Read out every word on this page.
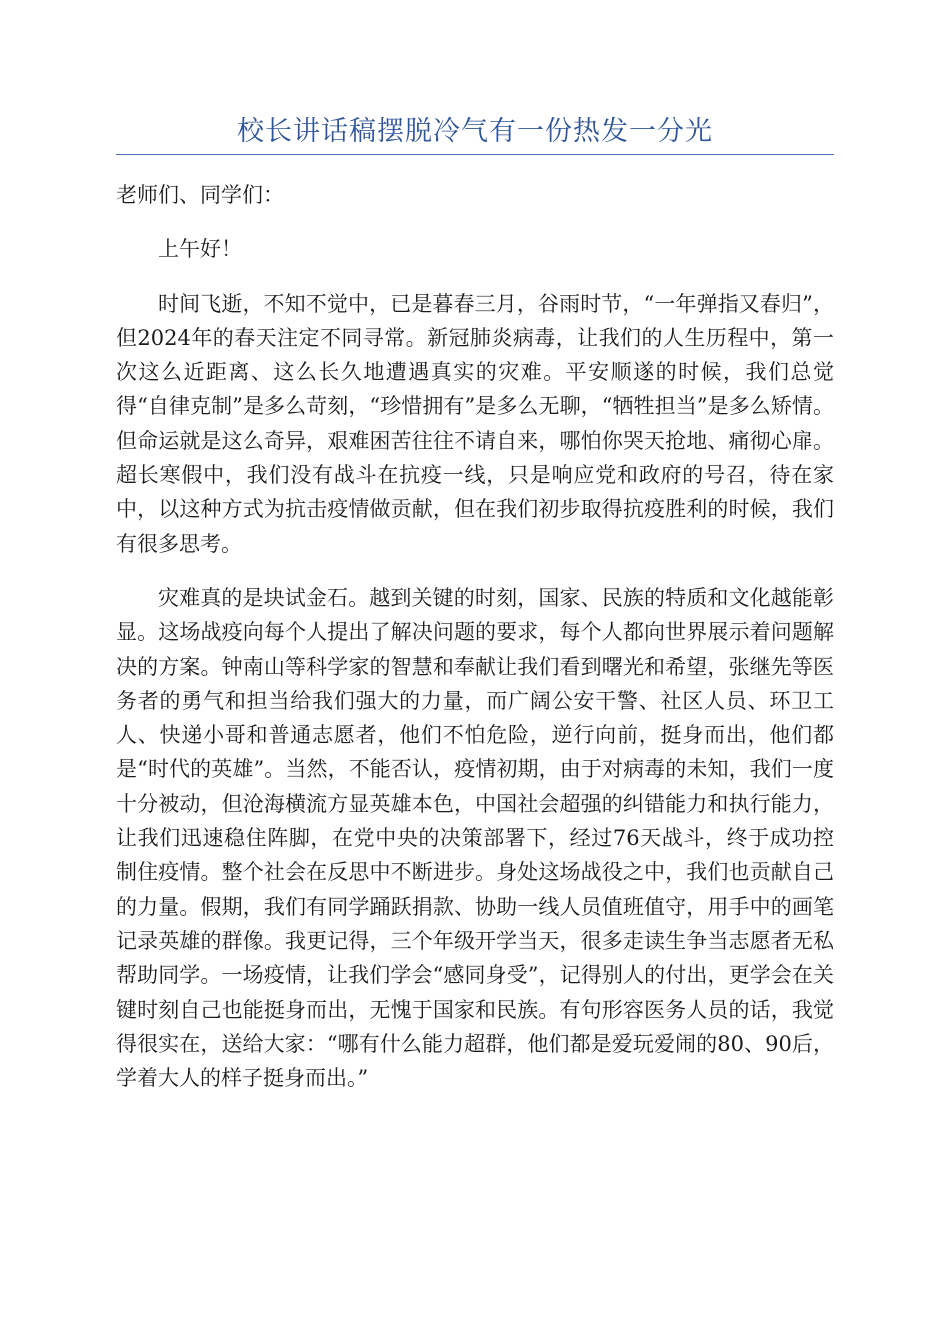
校长讲话稿摆脱冷气有一份热发一分光

老师们、同学们：

上午好！

时间飞逝，不知不觉中，已是暮春三月，谷雨时节，“一年弹指又春归”，但2024年的春天注定不同寻常。新冠肺炎病毒，让我们的人生历程中，第一次这么近距离、这么长久地遭遇真实的灾难。平安顺遂的时候，我们总觉得“自律克制”是多么苛刻，“珍惜拥有”是多么无聊，“牺牲担当”是多么矫情。但命运就是这么奇异，艰难困苦往往不请自来，哪怕你哭天抢地、痛彻心扉。超长寒假中，我们没有战斗在抗疫一线，只是响应党和政府的号召，待在家中，以这种方式为抗击疫情做贡献，但在我们初步取得抗疫胜利的时候，我们有很多思考。

灾难真的是块试金石。越到关键的时刻，国家、民族的特质和文化越能彰显。这场战疫向每个人提出了解决问题的要求，每个人都向世界展示着问题解决的方案。钟南山等科学家的智慧和奉献让我们看到曙光和希望，张继先等医务者的勇气和担当给我们强大的力量，而广阔公安干警、社区人员、环卫工人、快递小哥和普通志愿者，他们不怕危险，逆行向前，挺身而出，他们都是“时代的英雄”。当然，不能否认，疫情初期，由于对病毒的未知，我们一度十分被动，但沧海横流方显英雄本色，中国社会超强的纠错能力和执行能力，让我们迅速稳住阵脚，在党中央的决策部署下，经过76天战斗，终于成功控制住疫情。整个社会在反思中不断进步。身处这场战役之中，我们也贡献自己的力量。假期，我们有同学踊跃捐款、协助一线人员值班值守，用手中的画笔记录英雄的群像。我更记得，三个年级开学当天，很多走读生争当志愿者无私帮助同学。一场疫情，让我们学会“感同身受”，记得别人的付出，更学会在关键时刻自己也能挺身而出，无愧于国家和民族。有句形容医务人员的话，我觉得很实在，送给大家：“哪有什么能力超群，他们都是爱玩爱闹的80、90后，学着大人的样子挺身而出。”
